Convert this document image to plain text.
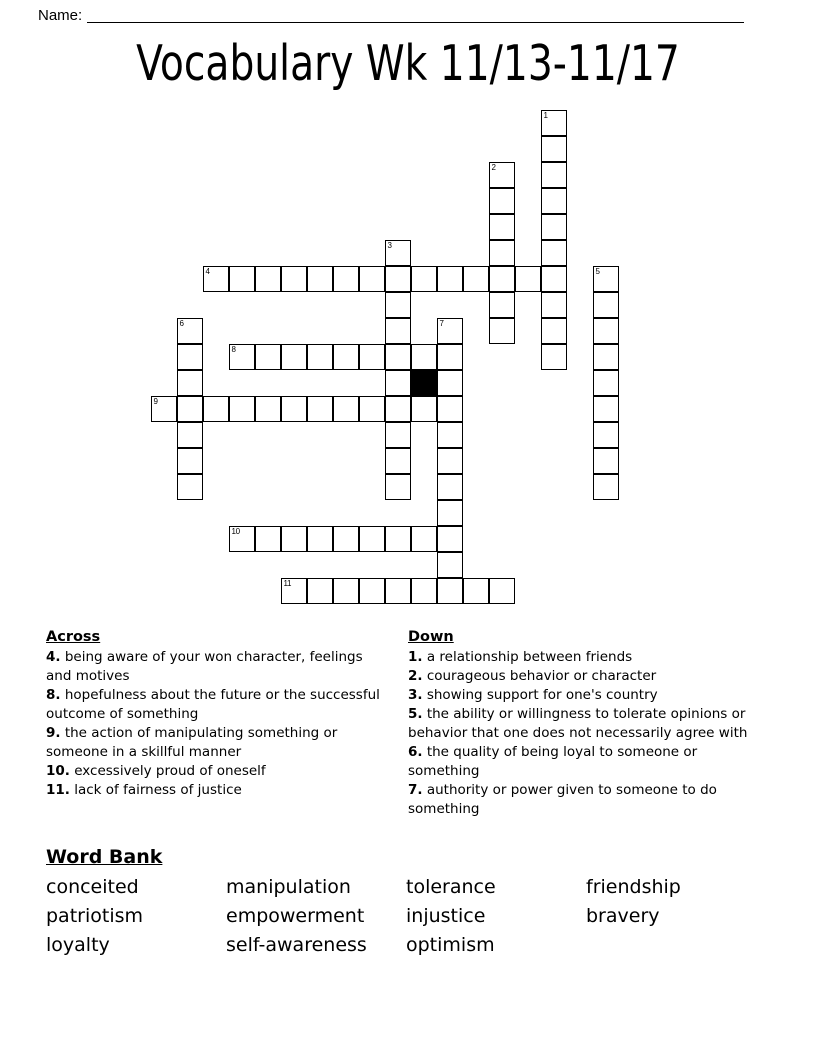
Name:
Vocabulary Wk 11/13-11/17
1
2
3
4	5
6	7
8
9
10
11
Across

4. being aware of your won character, feelings and motives

8. hopefulness about the future or the successful outcome of something

9. the action of manipulating something or someone in a skillful manner

10. excessively proud of oneself

11. lack of fairness of justice

Down

1. a relationship between friends

2. courageous behavior or character

3. showing support for one's country

5. the ability or willingness to tolerate opinions or behavior that one does not necessarily agree with

6. the quality of being loyal to someone or something

7. authority or power given to someone to do something

Word Bank
conceited	manipulation	tolerance	friendship
patriotism	empowerment	injustice	bravery
loyalty	self-awareness	optimism
